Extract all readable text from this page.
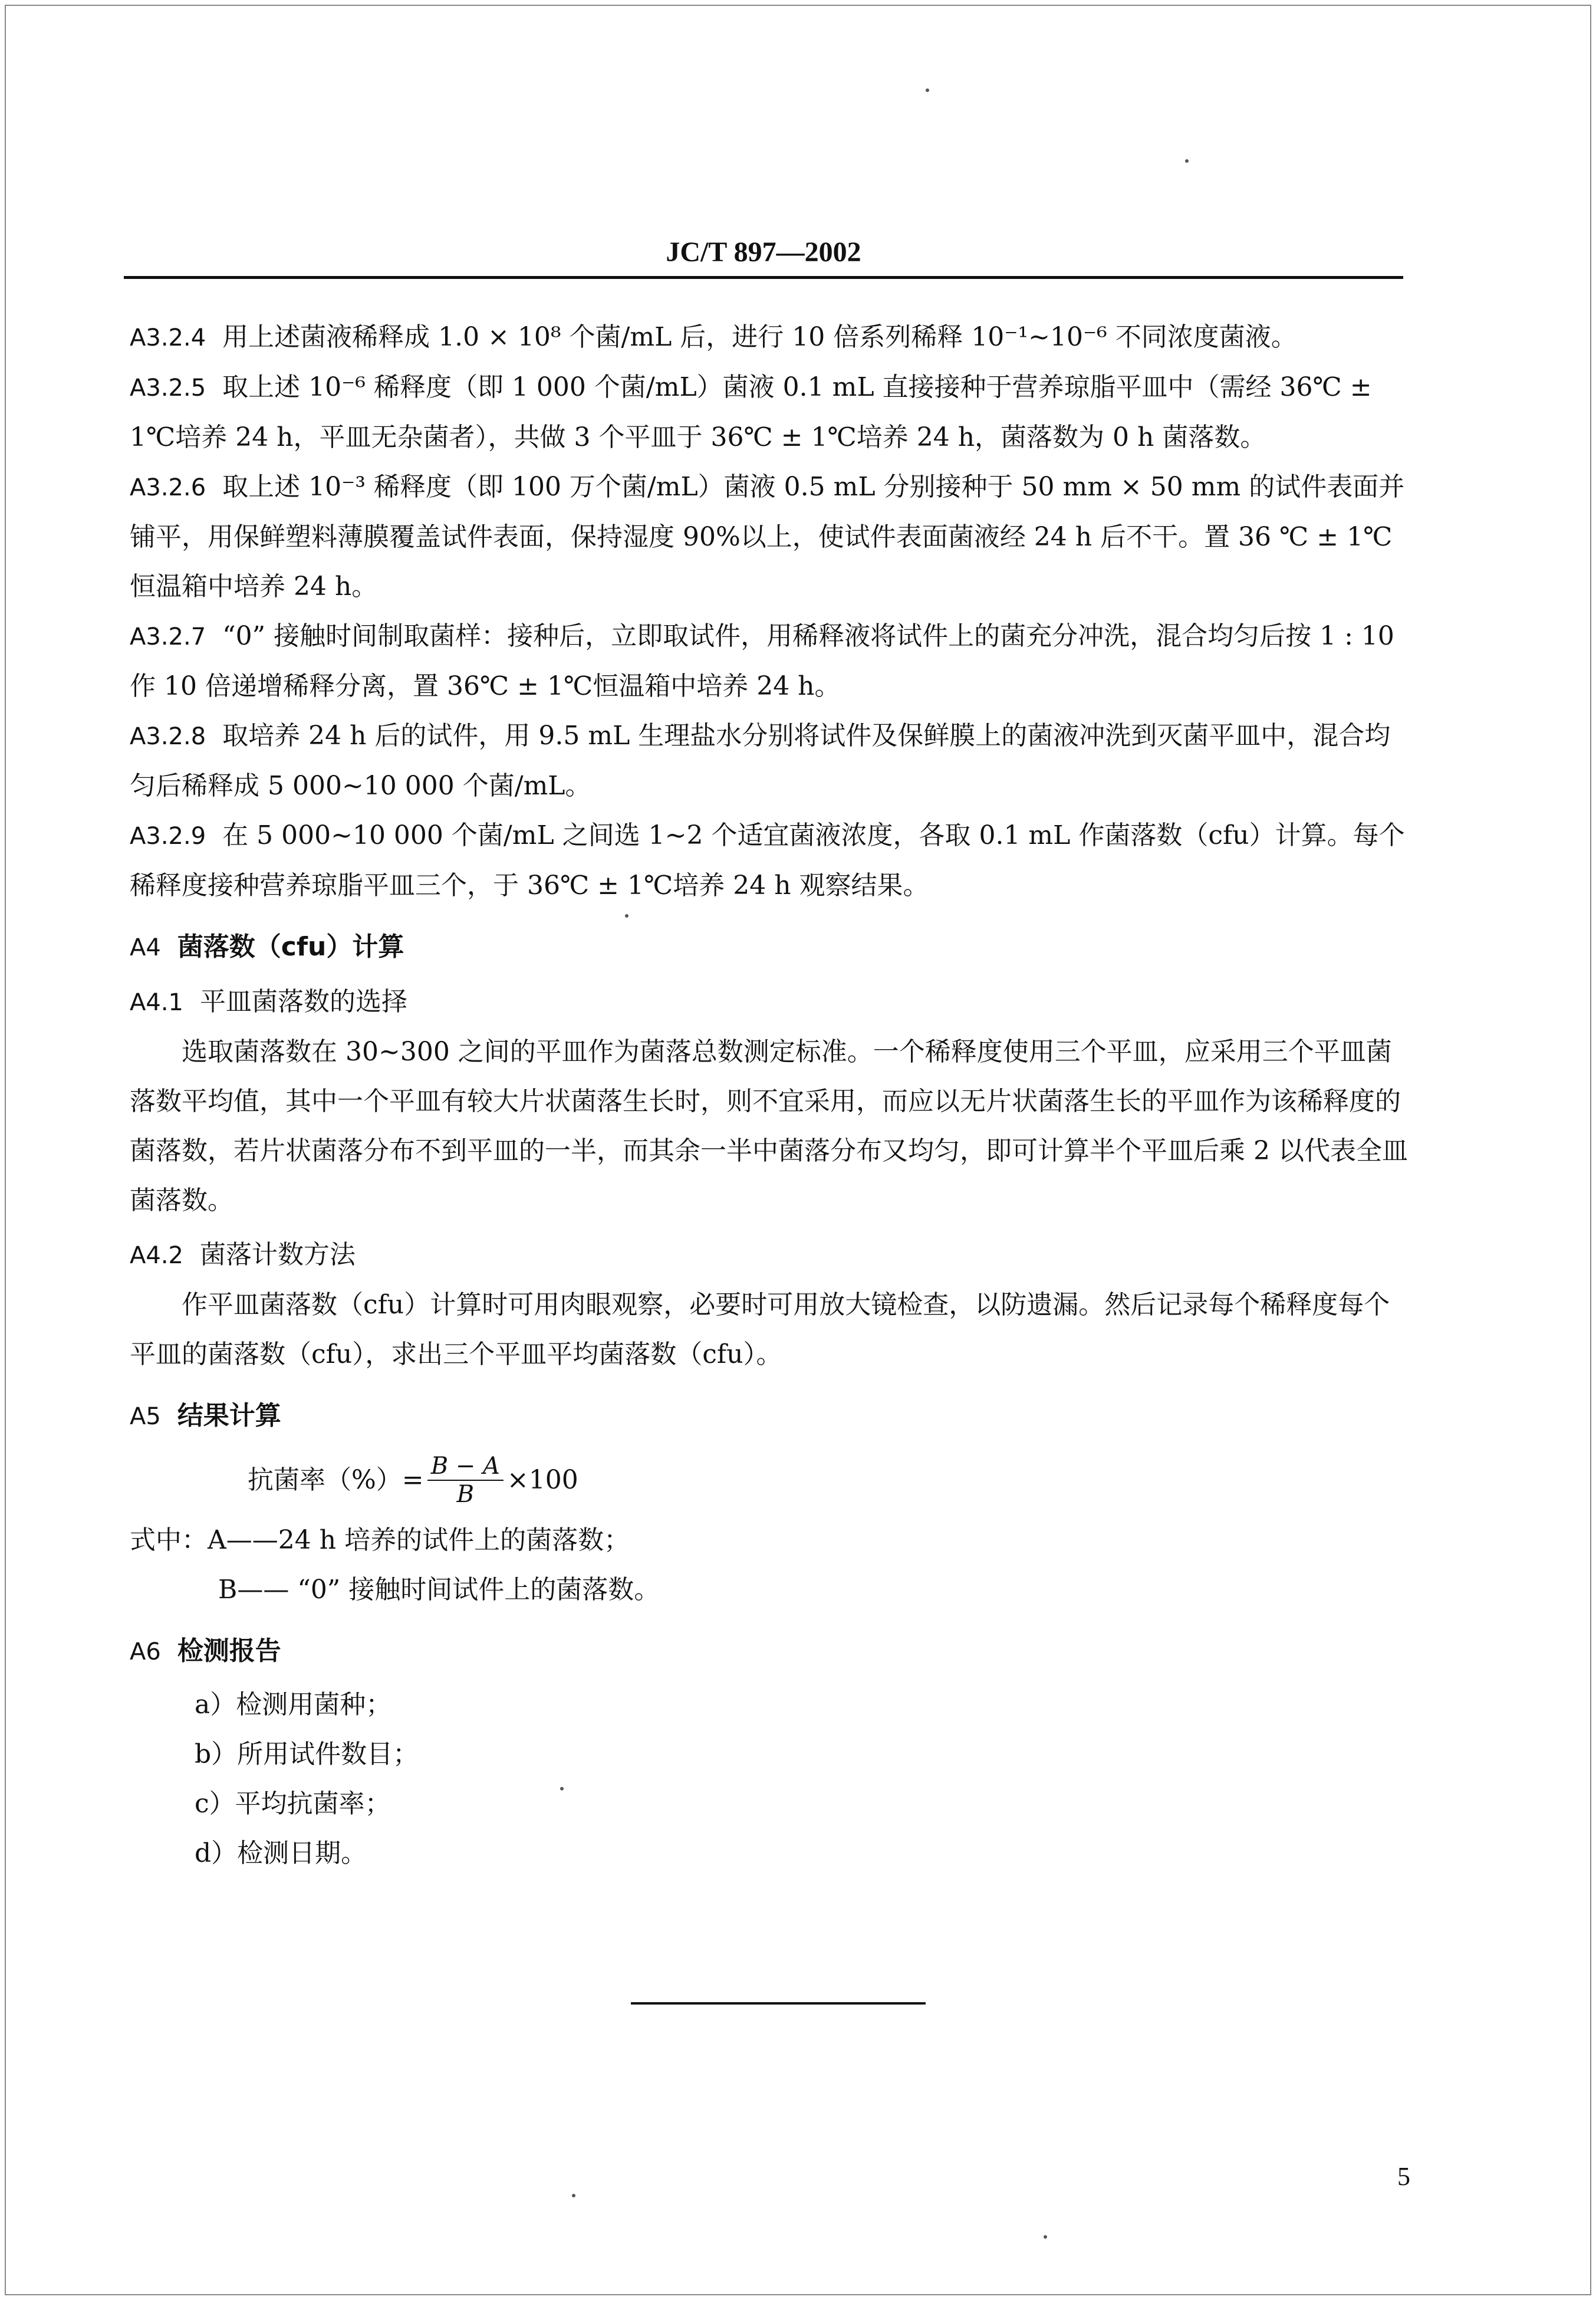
JC/T 897—2002

A3.2.4 用上述菌液稀释成 1.0 × 10⁸ 个菌/mL 后，进行 10 倍系列稀释 10⁻¹~10⁻⁶ 不同浓度菌液。

A3.2.5 取上述 10⁻⁶ 稀释度（即 1 000 个菌/mL）菌液 0.1 mL 直接接种于营养琼脂平皿中（需经 36℃ ± 1℃培养 24 h，平皿无杂菌者），共做 3 个平皿于 36℃ ± 1℃培养 24 h，菌落数为 0 h 菌落数。

A3.2.6 取上述 10⁻³ 稀释度（即 100 万个菌/mL）菌液 0.5 mL 分别接种于 50 mm × 50 mm 的试件表面并铺平，用保鲜塑料薄膜覆盖试件表面，保持湿度 90%以上，使试件表面菌液经 24 h 后不干。置 36 ℃ ± 1℃恒温箱中培养 24 h。

A3.2.7 “0” 接触时间制取菌样：接种后，立即取试件，用稀释液将试件上的菌充分冲洗，混合均匀后按 1 : 10 作 10 倍递增稀释分离，置 36℃ ± 1℃恒温箱中培养 24 h。

A3.2.8 取培养 24 h 后的试件，用 9.5 mL 生理盐水分别将试件及保鲜膜上的菌液冲洗到灭菌平皿中，混合均匀后稀释成 5 000~10 000 个菌/mL。

A3.2.9 在 5 000~10 000 个菌/mL 之间选 1~2 个适宜菌液浓度，各取 0.1 mL 作菌落数（cfu）计算。每个稀释度接种营养琼脂平皿三个，于 36℃ ± 1℃培养 24 h 观察结果。

A4 菌落数（cfu）计算
A4.1 平皿菌落数的选择

选取菌落数在 30~300 之间的平皿作为菌落总数测定标准。一个稀释度使用三个平皿，应采用三个平皿菌落数平均值，其中一个平皿有较大片状菌落生长时，则不宜采用，而应以无片状菌落生长的平皿作为该稀释度的菌落数，若片状菌落分布不到平皿的一半，而其余一半中菌落分布又均匀，即可计算半个平皿后乘 2 以代表全皿菌落数。

A4.2 菌落计数方法

作平皿菌落数（cfu）计算时可用肉眼观察，必要时可用放大镜检查，以防遗漏。然后记录每个稀释度每个平皿的菌落数（cfu），求出三个平皿平均菌落数（cfu）。

A5 结果计算
抗菌率（%）= $\frac{B - A}{B} \times 100$
式中：A——24 h 培养的试件上的菌落数；
B—— “0” 接触时间试件上的菌落数。
A6 检测报告
a）检测用菌种；
b）所用试件数目；
c）平均抗菌率；
d）检测日期。
5
